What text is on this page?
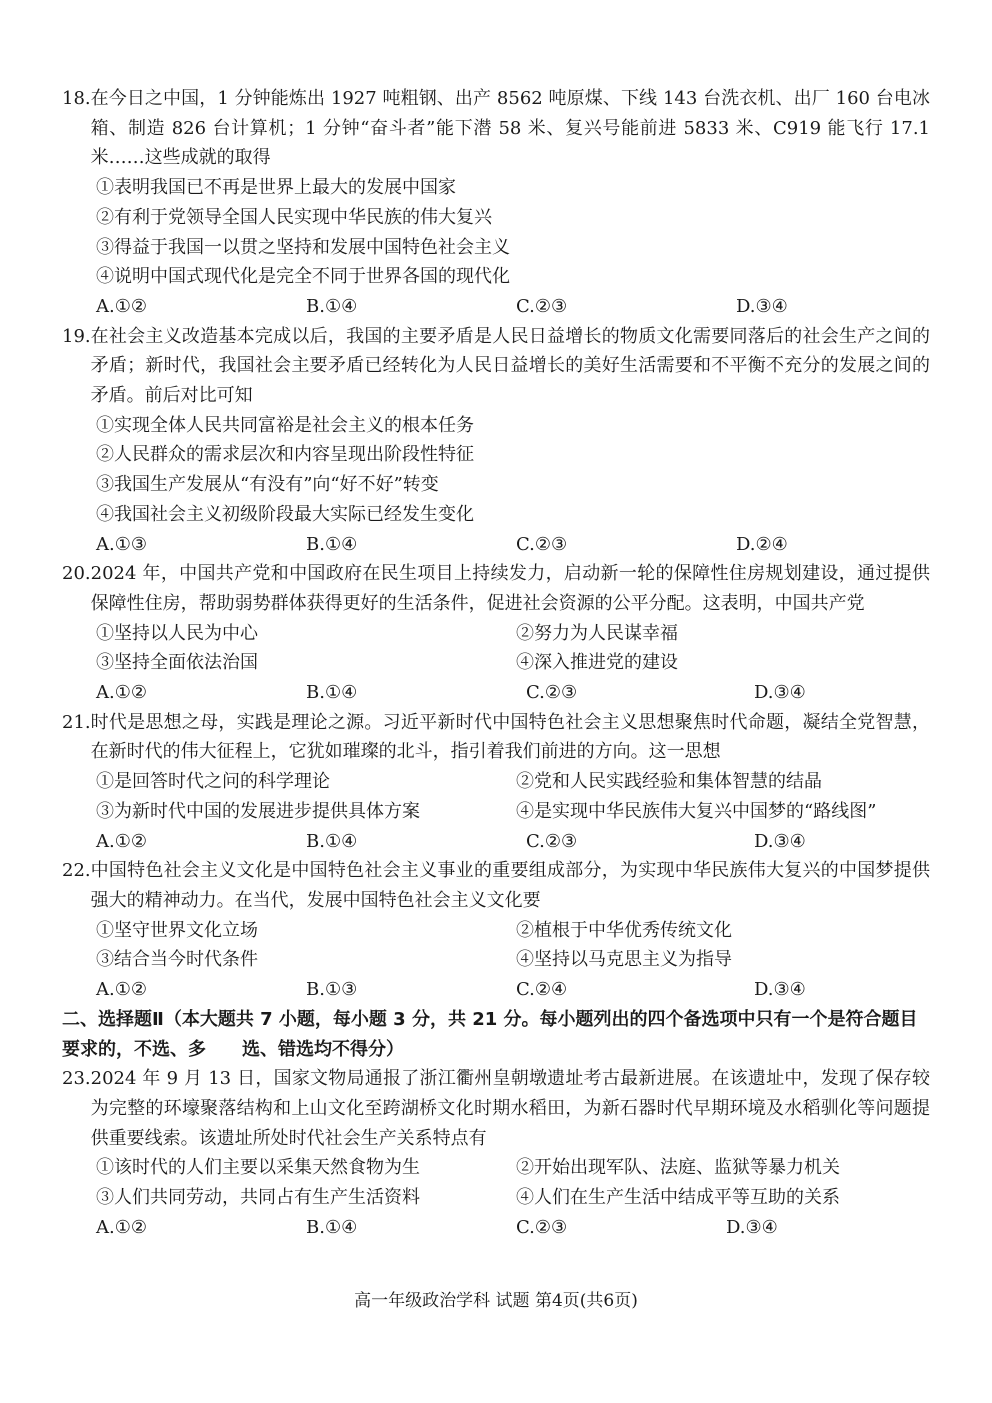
18. 在今日之中国，1 分钟能炼出 1927 吨粗钢、出产 8562 吨原煤、下线 143 台洗衣机、出厂 160 台电冰箱、制造 826 台计算机；1 分钟“奋斗者”能下潜 58 米、复兴号能前进 5833 米、C919 能飞行 17.1 米……这些成就的取得
①表明我国已不再是世界上最大的发展中国家
②有利于党领导全国人民实现中华民族的伟大复兴
③得益于我国一以贯之坚持和发展中国特色社会主义
④说明中国式现代化是完全不同于世界各国的现代化
A.①②	B.①④	C.②③	D.③④
19. 在社会主义改造基本完成以后，我国的主要矛盾是人民日益增长的物质文化需要同落后的社会生产之间的矛盾；新时代，我国社会主要矛盾已经转化为人民日益增长的美好生活需要和不平衡不充分的发展之间的矛盾。前后对比可知
①实现全体人民共同富裕是社会主义的根本任务
②人民群众的需求层次和内容呈现出阶段性特征
③我国生产发展从“有没有”向“好不好”转变
④我国社会主义初级阶段最大实际已经发生变化
A.①③	B.①④	C.②③	D.②④
20. 2024 年，中国共产党和中国政府在民生项目上持续发力，启动新一轮的保障性住房规划建设，通过提供保障性住房，帮助弱势群体获得更好的生活条件，促进社会资源的公平分配。这表明，中国共产党
①坚持以人民为中心	②努力为人民谋幸福
③坚持全面依法治国	④深入推进党的建设
A.①②	B.①④	C.②③	D.③④
21. 时代是思想之母，实践是理论之源。习近平新时代中国特色社会主义思想聚焦时代命题，凝结全党智慧，在新时代的伟大征程上，它犹如璀璨的北斗，指引着我们前进的方向。这一思想
①是回答时代之问的科学理论	②党和人民实践经验和集体智慧的结晶
③为新时代中国的发展进步提供具体方案	④是实现中华民族伟大复兴中国梦的“路线图”
A.①②	B.①④	C.②③	D.③④
22. 中国特色社会主义文化是中国特色社会主义事业的重要组成部分，为实现中华民族伟大复兴的中国梦提供强大的精神动力。在当代，发展中国特色社会主义文化要
①坚守世界文化立场	②植根于中华优秀传统文化
③结合当今时代条件	④坚持以马克思主义为指导
A.①②	B.①③	C.②④	D.③④
二、选择题Ⅱ（本大题共 7 小题，每小题 3 分，共 21 分。每小题列出的四个备选项中只有一个是符合题目要求的，不选、多　　选、错选均不得分）
23. 2024 年 9 月 13 日，国家文物局通报了浙江衢州皇朝墩遗址考古最新进展。在该遗址中，发现了保存较为完整的环壕聚落结构和上山文化至跨湖桥文化时期水稻田，为新石器时代早期环境及水稻驯化等问题提供重要线索。该遗址所处时代社会生产关系特点有
①该时代的人们主要以采集天然食物为生	②开始出现军队、法庭、监狱等暴力机关
③人们共同劳动，共同占有生产生活资料	④人们在生产生活中结成平等互助的关系
A.①②	B.①④	C.②③	D.③④
高一年级政治学科 试题 第4页(共6页)
